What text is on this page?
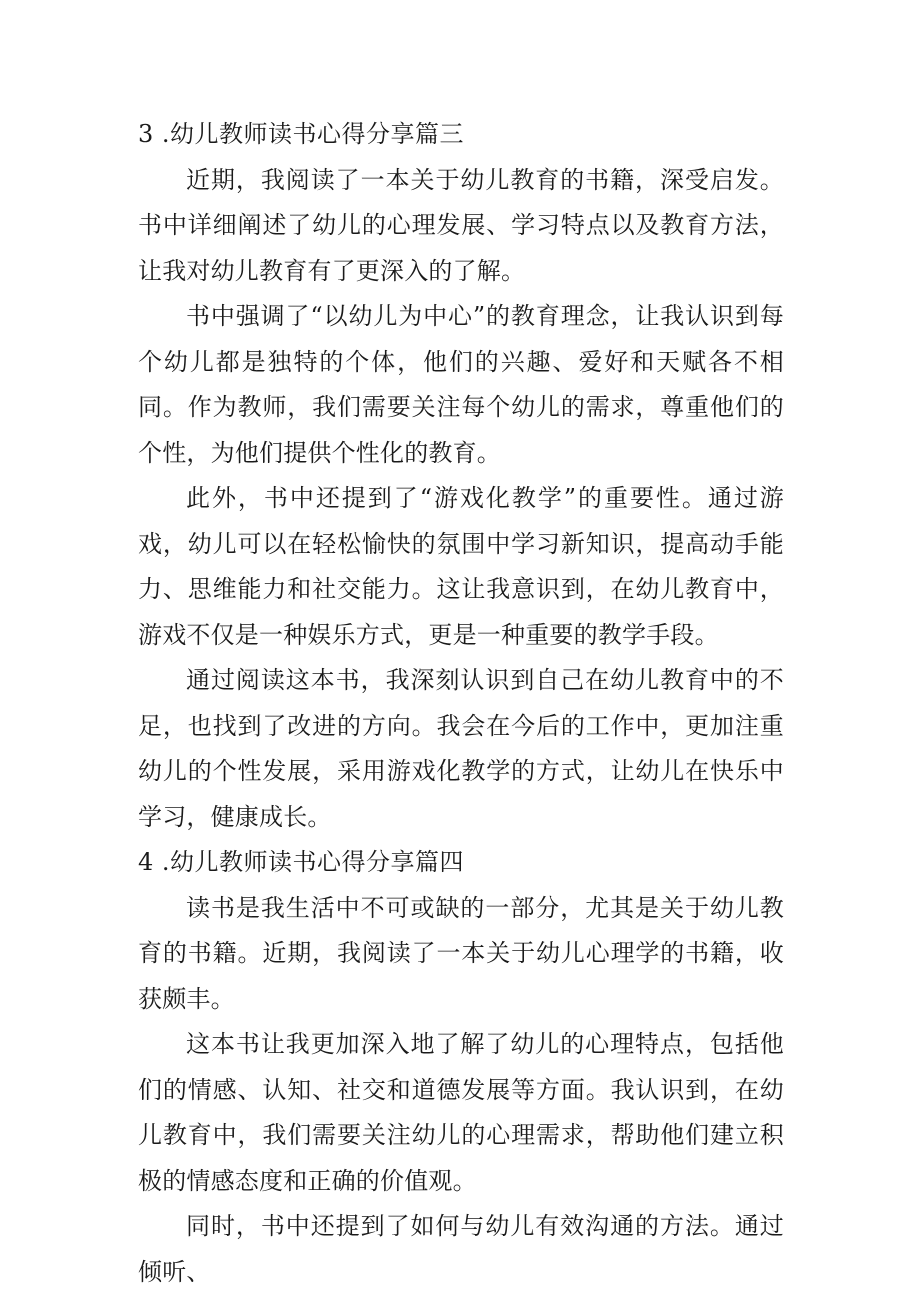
3 .幼儿教师读书心得分享篇三

近期，我阅读了一本关于幼儿教育的书籍，深受启发。书中详细阐述了幼儿的心理发展、学习特点以及教育方法，让我对幼儿教育有了更深入的了解。

书中强调了“以幼儿为中心”的教育理念，让我认识到每个幼儿都是独特的个体，他们的兴趣、爱好和天赋各不相同。作为教师，我们需要关注每个幼儿的需求，尊重他们的个性，为他们提供个性化的教育。

此外，书中还提到了“游戏化教学”的重要性。通过游戏，幼儿可以在轻松愉快的氛围中学习新知识，提高动手能力、思维能力和社交能力。这让我意识到，在幼儿教育中，游戏不仅是一种娱乐方式，更是一种重要的教学手段。

通过阅读这本书，我深刻认识到自己在幼儿教育中的不足，也找到了改进的方向。我会在今后的工作中，更加注重幼儿的个性发展，采用游戏化教学的方式，让幼儿在快乐中学习，健康成长。

4 .幼儿教师读书心得分享篇四

读书是我生活中不可或缺的一部分，尤其是关于幼儿教育的书籍。近期，我阅读了一本关于幼儿心理学的书籍，收获颇丰。

这本书让我更加深入地了解了幼儿的心理特点，包括他们的情感、认知、社交和道德发展等方面。我认识到，在幼儿教育中，我们需要关注幼儿的心理需求，帮助他们建立积极的情感态度和正确的价值观。

同时，书中还提到了如何与幼儿有效沟通的方法。通过倾听、
